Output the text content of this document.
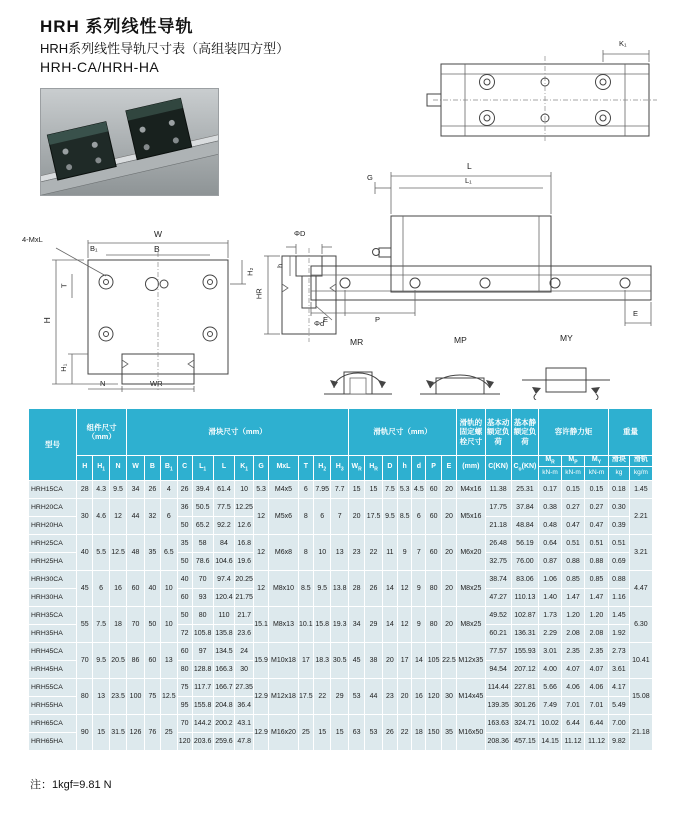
HRH 系列线性导轨
HRH系列线性导轨尺寸表（高组装四方型）
HRH-CA/HRH-HA
K₁
4-MxL
W
B₁	B
T
H
H₁
H₂
N	WR
ΦD
h
HR
Φd
G
L
L₁
E	P
E
MR	MP	MY
型号	组件尺寸
（mm）			滑块尺寸（mm）												滑轨尺寸（mm）							滑轨的固定螺栓尺寸	基本动额定负荷	基本静额定负荷	容许静力矩			重量	
	H	$H_1$	N	W	B	$B_1$	C	$L_1$	L	$K_1$	G	MxL	T	$H_2$	$H_3$	$W_R$	$H_R$	D	h	d	P	E	(mm)	C(KN)	$C_o(KN)$	$M_R$	$M_P$	$M_Y$	滑块	滑轨
																										kN-m	kN-m	kN-m	kg	kg/m
HRH15CA	28	4.3	9.5	34	26	4	26	39.4	61.4	10	5.3	M4x5	6	7.95	7.7	15	15	7.5	5.3	4.5	60	20	M4x16	11.38	25.31	0.17	0.15	0.15	0.18	1.45
HRH20CA	30	4.6	12	44	32	6	36	50.5	77.5	12.25	12	M5x6	8	6	7	20	17.5	9.5	8.5	6	60	20	M5x16	17.75	37.84	0.38	0.27	0.27	0.30	2.21
HRH20HA							50	65.2	92.2	12.6														21.18	48.84	0.48	0.47	0.47	0.39	
HRH25CA	40	5.5	12.5	48	35	6.5	35	58	84	16.8	12	M6x8	8	10	13	23	22	11	9	7	60	20	M6x20	26.48	56.19	0.64	0.51	0.51	0.51	3.21
HRH25HA							50	78.6	104.6	19.6														32.75	76.00	0.87	0.88	0.88	0.69	
HRH30CA	45	6	16	60	40	10	40	70	97.4	20.25	12	M8x10	8.5	9.5	13.8	28	26	14	12	9	80	20	M8x25	38.74	83.06	1.06	0.85	0.85	0.88	4.47
HRH30HA							60	93	120.4	21.75														47.27	110.13	1.40	1.47	1.47	1.16	
HRH35CA	55	7.5	18	70	50	10	50	80	110	21.7	15.1	M8x13	10.1	15.8	19.3	34	29	14	12	9	80	20	M8x25	49.52	102.87	1.73	1.20	1.20	1.45	6.30
HRH35HA							72	105.8	135.8	23.6														60.21	136.31	2.29	2.08	2.08	1.92	
HRH45CA	70	9.5	20.5	86	60	13	60	97	134.5	24	15.9	M10x18	17	18.3	30.5	45	38	20	17	14	105	22.5	M12x35	77.57	155.93	3.01	2.35	2.35	2.73	10.41
HRH45HA							80	128.8	166.3	30														94.54	207.12	4.00	4.07	4.07	3.61	
HRH55CA	80	13	23.5	100	75	12.5	75	117.7	166.7	27.35	12.9	M12x18	17.5	22	29	53	44	23	20	16	120	30	M14x45	114.44	227.81	5.66	4.06	4.06	4.17	15.08
HRH55HA							95	155.8	204.8	36.4														139.35	301.26	7.49	7.01	7.01	5.49	
HRH65CA	90	15	31.5	126	76	25	70	144.2	200.2	43.1	12.9	M16x20	25	15	15	63	53	26	22	18	150	35	M16x50	163.63	324.71	10.02	6.44	6.44	7.00	21.18
HRH65HA							120	203.6	259.6	47.8														208.36	457.15	14.15	11.12	11.12	9.82	
注：1kgf=9.81 N
